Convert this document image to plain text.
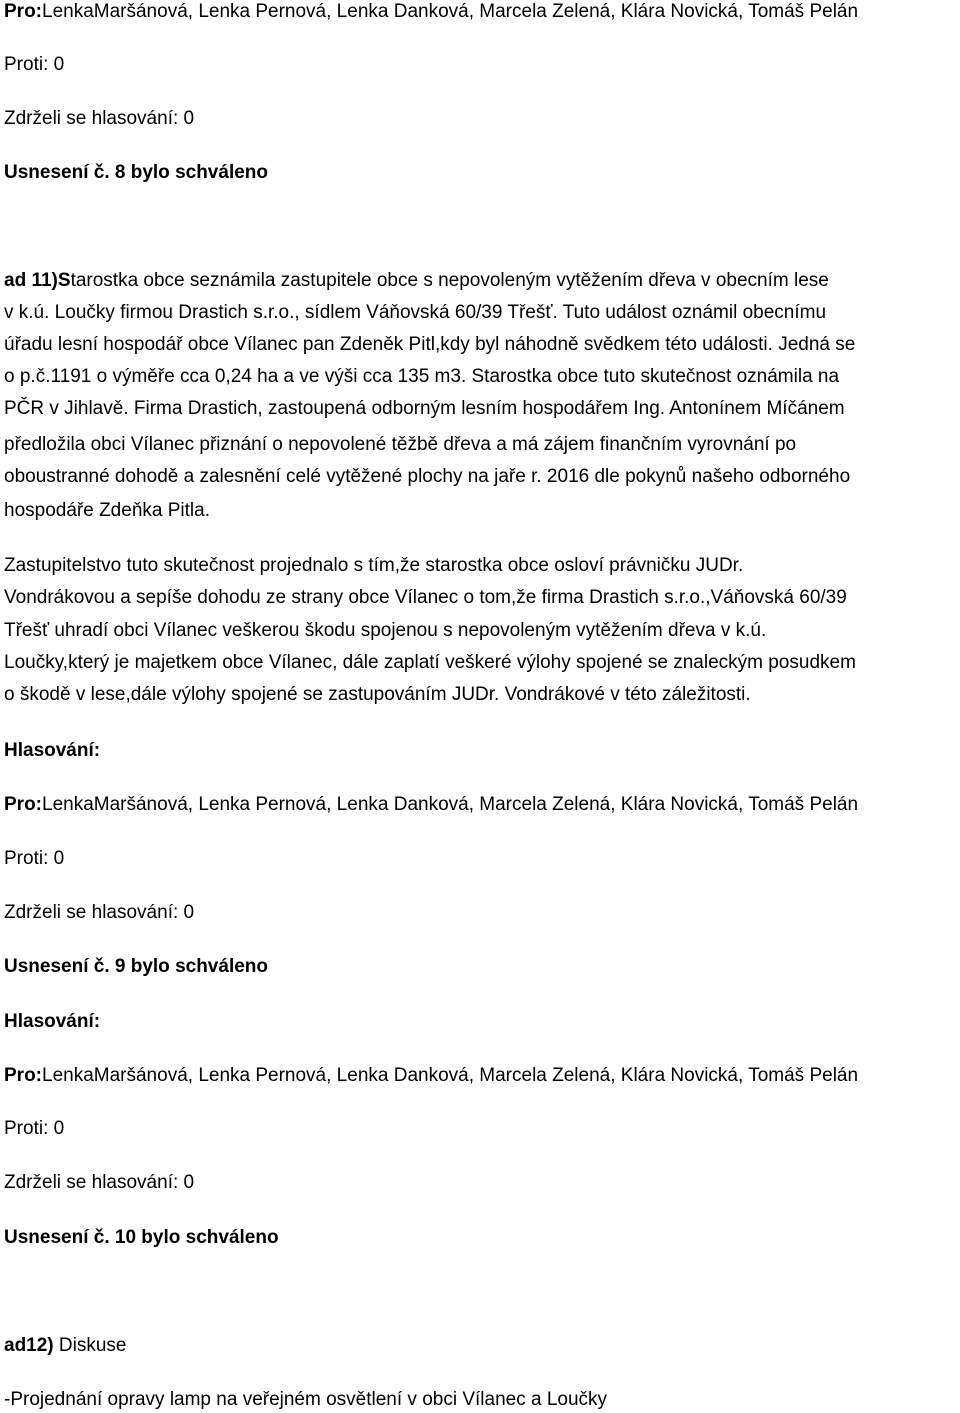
Pro:LenkaMaršánová, Lenka Pernová, Lenka Danková, Marcela Zelená, Klára Novická, Tomáš Pelán
Proti: 0
Zdrželi se hlasování: 0
Usnesení č. 8 bylo schváleno
ad 11)Starostka obce seznámila zastupitele obce s nepovoleným vytěžením dřeva v obecním lese
v k.ú. Loučky firmou Drastich s.r.o., sídlem Váňovská 60/39 Třešť. Tuto událost oznámil obecnímu
úřadu lesní hospodář obce Vílanec pan Zdeněk Pitl,kdy byl náhodně svědkem této události. Jedná se
o p.č.1191 o výměře cca 0,24 ha a ve výši cca 135 m3. Starostka obce tuto skutečnost oznámila na
PČR v Jihlavě. Firma Drastich, zastoupená odborným lesním hospodářem Ing. Antonínem Míčánem
předložila obci Vílanec přiznání o nepovolené těžbě dřeva a má zájem finančním vyrovnání po
oboustranné dohodě a zalesnění celé vytěžené plochy na jaře r. 2016 dle pokynů našeho odborného
hospodáře Zdeňka Pitla.
Zastupitelstvo tuto skutečnost projednalo s tím,že starostka obce osloví právničku JUDr.
Vondrákovou a sepíše dohodu ze strany obce Vílanec o tom,že firma Drastich s.r.o.,Váňovská 60/39
Třešť uhradí obci Vílanec veškerou škodu spojenou s nepovoleným vytěžením dřeva v k.ú.
Loučky,který je majetkem obce Vílanec, dále zaplatí veškeré výlohy spojené se znaleckým posudkem
o škodě v lese,dále výlohy spojené se zastupováním JUDr. Vondrákové v této záležitosti.
Hlasování:
Pro:LenkaMaršánová, Lenka Pernová, Lenka Danková, Marcela Zelená, Klára Novická, Tomáš Pelán
Proti: 0
Zdrželi se hlasování: 0
Usnesení č. 9 bylo schváleno
Hlasování:
Pro:LenkaMaršánová, Lenka Pernová, Lenka Danková, Marcela Zelená, Klára Novická, Tomáš Pelán
Proti: 0
Zdrželi se hlasování: 0
Usnesení č. 10 bylo schváleno
ad12) Diskuse
-Projednání opravy lamp na veřejném osvětlení v obci Vílanec a Loučky
